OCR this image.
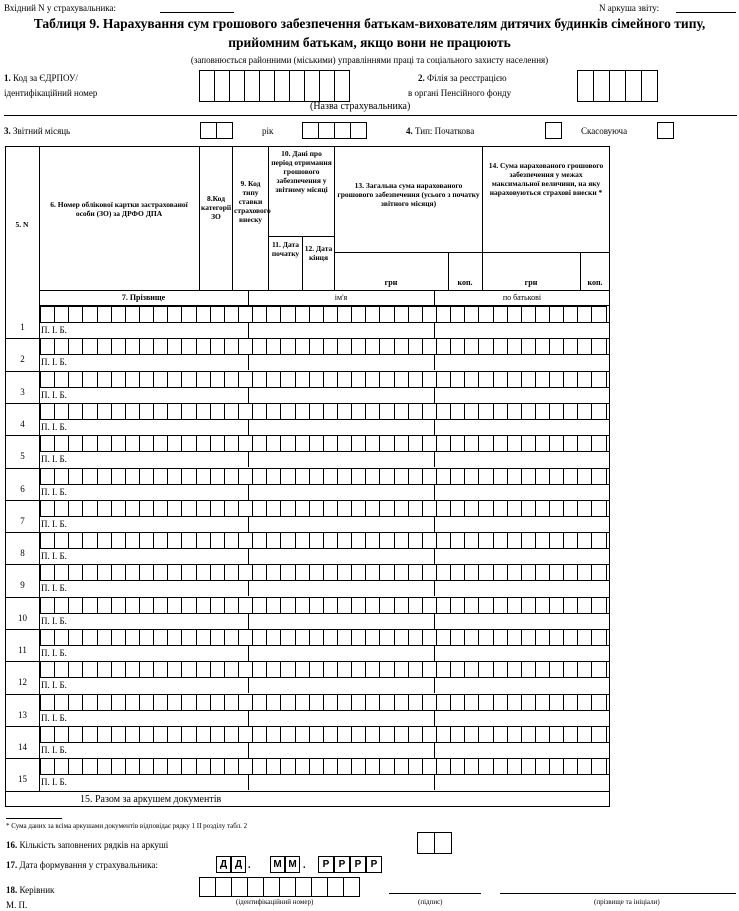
Вхідний N у страхувальника:	N аркуша звіту:
Таблиця 9. Нарахування сум грошового забезпечення батькам-вихователям дитячих будинків сімейного типу,
прийомним батькам, якщо вони не працюють
(заповнюється районними (міськими) управліннями праці та соціального захисту населення)
1. Код за ЄДРПОУ/
ідентифікаційний номер
2. Філія за реєстрацією
в органі Пенсійного фонду
(Назва страхувальника)
3. Звітний місяць	рік	4. Тип: Початкова	Скасовуюча
5. N
6. Номер облікової картки застрахованої особи (ЗО) за ДРФО ДПА
8.Код категорії ЗО
9. Код типу ставки страхового внеску
10. Дані про період отримання грошового забезпечення у звітному місяці
11. Дата початку
12. Дата кінця
13. Загальна сума нарахованого грошового забезпечення (усього з початку звітного місяця)
14. Сума нарахованого грошового забезпечення у межах максимальної величини, на яку нараховуються страхові внески *
грн	коп.	грн	коп.
7. Прізвище	ім'я	по батькові
1	П. І. Б.
2	П. І. Б.
3	П. І. Б.
4	П. І. Б.
5	П. І. Б.
6	П. І. Б.
7	П. І. Б.
8	П. І. Б.
9	П. І. Б.
10	П. І. Б.
11	П. І. Б.
12	П. І. Б.
13	П. І. Б.
14	П. І. Б.
15	П. І. Б.
15. Разом за аркушем документів
* Сума даних за всіма аркушами документів відповідає рядку 1 II розділу табл. 2
16. Кількість заповнених рядків на аркуші
17. Дата формування у страхувальника:	Д Д .	М М .	Р Р Р Р
18. Керівник
М. П.	(ідентифікаційний номер)	(підпис)	(прізвище та ініціали)
